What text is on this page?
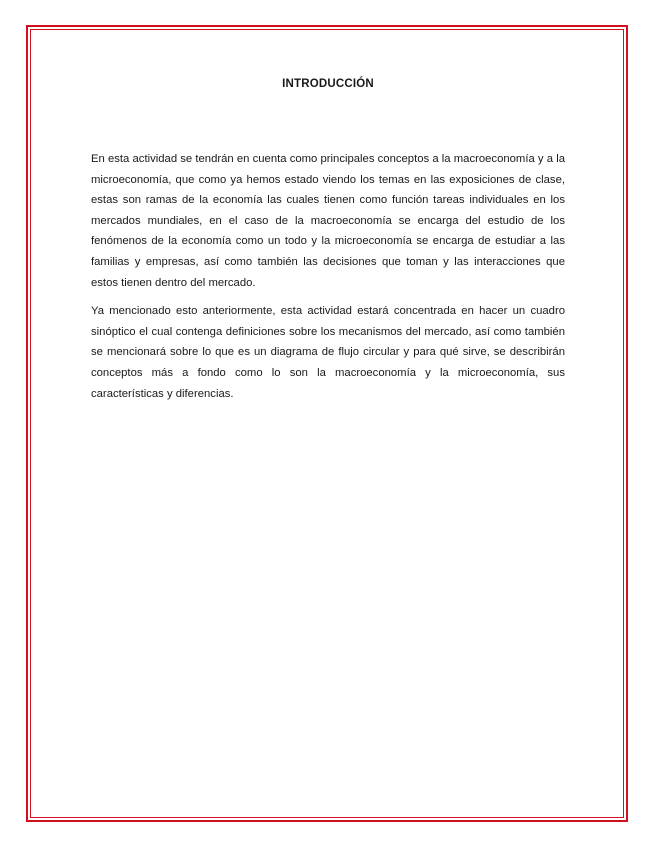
INTRODUCCIÓN

En esta actividad se tendrán en cuenta como principales conceptos a la macroeconomía y a la microeconomía, que como ya hemos estado viendo los temas en las exposiciones de clase, estas son ramas de la economía las cuales tienen como función tareas individuales en los mercados mundiales, en el caso de la macroeconomía se encarga del estudio de los fenómenos de la economía como un todo y la microeconomía se encarga de estudiar a las familias y empresas, así como también las decisiones que toman y las interacciones que estos tienen dentro del mercado.

Ya mencionado esto anteriormente, esta actividad estará concentrada en hacer un cuadro sinóptico el cual contenga definiciones sobre los mecanismos del mercado, así como también se mencionará sobre lo que es un diagrama de flujo circular y para qué sirve, se describirán conceptos más a fondo como lo son la macroeconomía y la microeconomía, sus características y diferencias.
